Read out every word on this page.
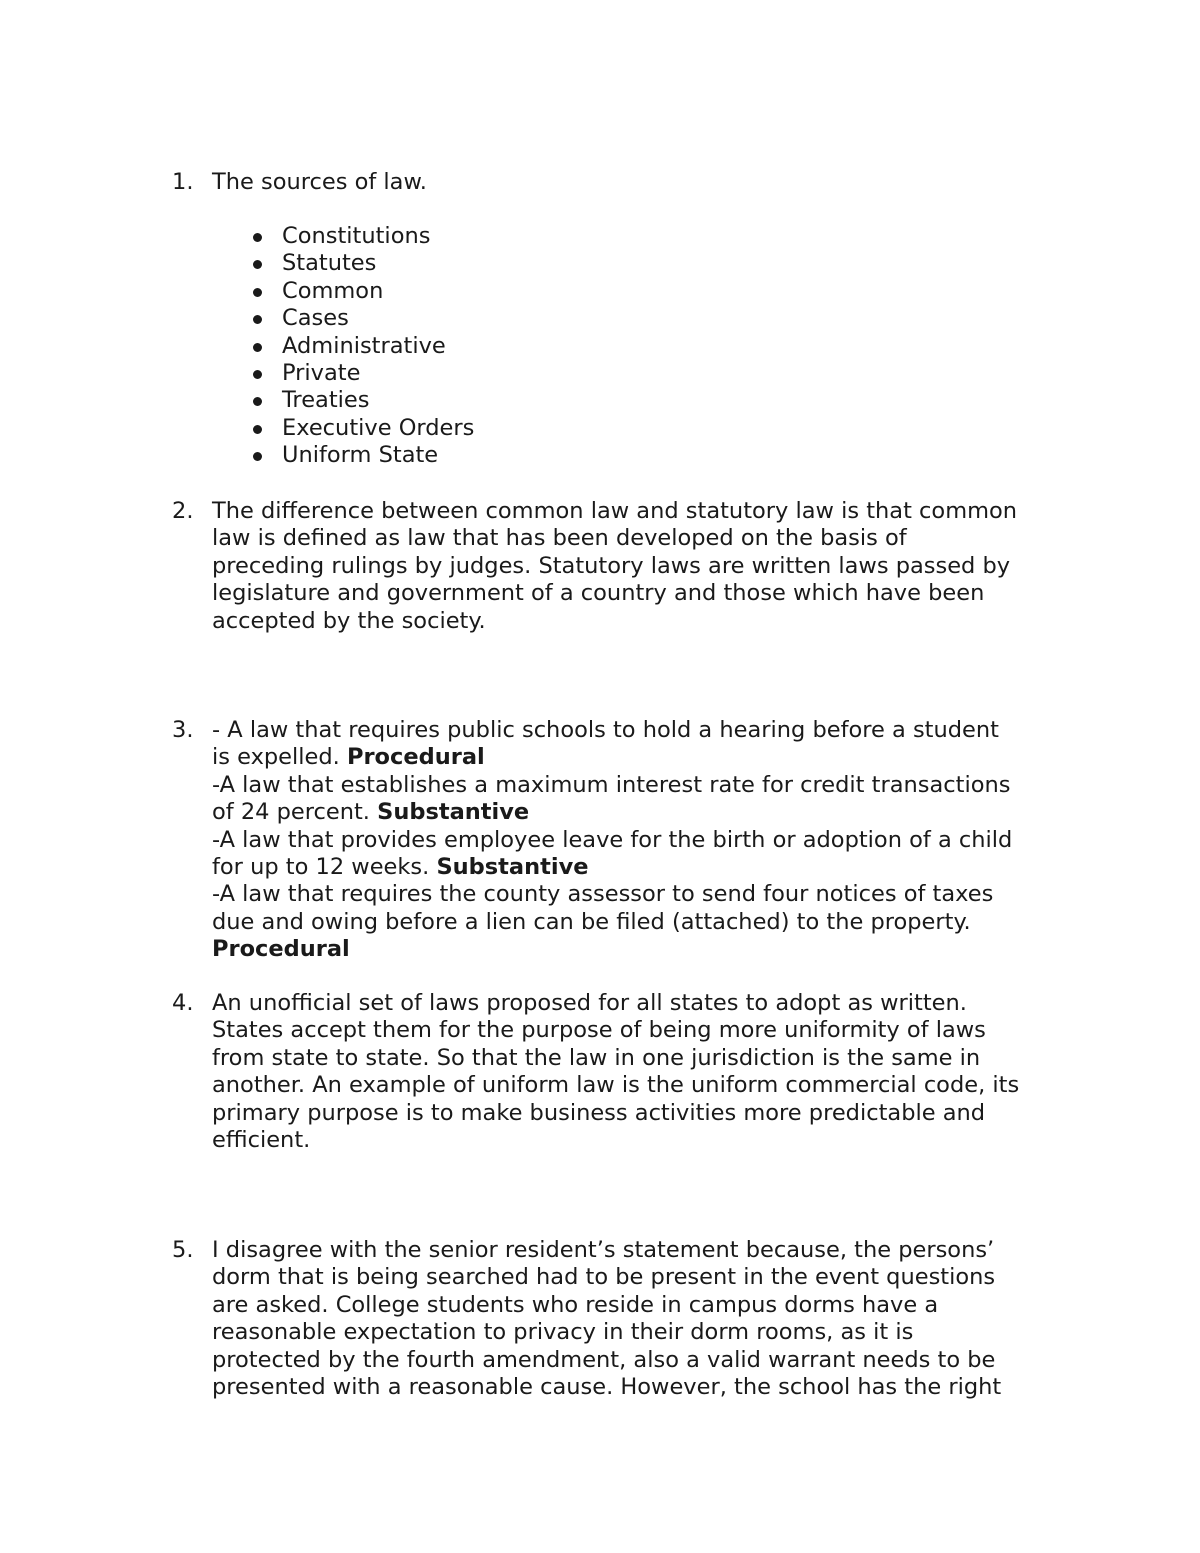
1. The sources of law.
Constitutions
Statutes
Common
Cases
Administrative
Private
Treaties
Executive Orders
Uniform State
2. The difference between common law and statutory law is that common
law is defined as law that has been developed on the basis of
preceding rulings by judges. Statutory laws are written laws passed by
legislature and government of a country and those which have been
accepted by the society.
3. - A law that requires public schools to hold a hearing before a student
is expelled. Procedural
-A law that establishes a maximum interest rate for credit transactions
of 24 percent. Substantive
-A law that provides employee leave for the birth or adoption of a child
for up to 12 weeks. Substantive
-A law that requires the county assessor to send four notices of taxes
due and owing before a lien can be filed (attached) to the property.
Procedural
4. An unofficial set of laws proposed for all states to adopt as written.
States accept them for the purpose of being more uniformity of laws
from state to state. So that the law in one jurisdiction is the same in
another. An example of uniform law is the uniform commercial code, its
primary purpose is to make business activities more predictable and
efficient.
5. I disagree with the senior resident’s statement because, the persons’
dorm that is being searched had to be present in the event questions
are asked. College students who reside in campus dorms have a
reasonable expectation to privacy in their dorm rooms, as it is
protected by the fourth amendment, also a valid warrant needs to be
presented with a reasonable cause. However, the school has the right
